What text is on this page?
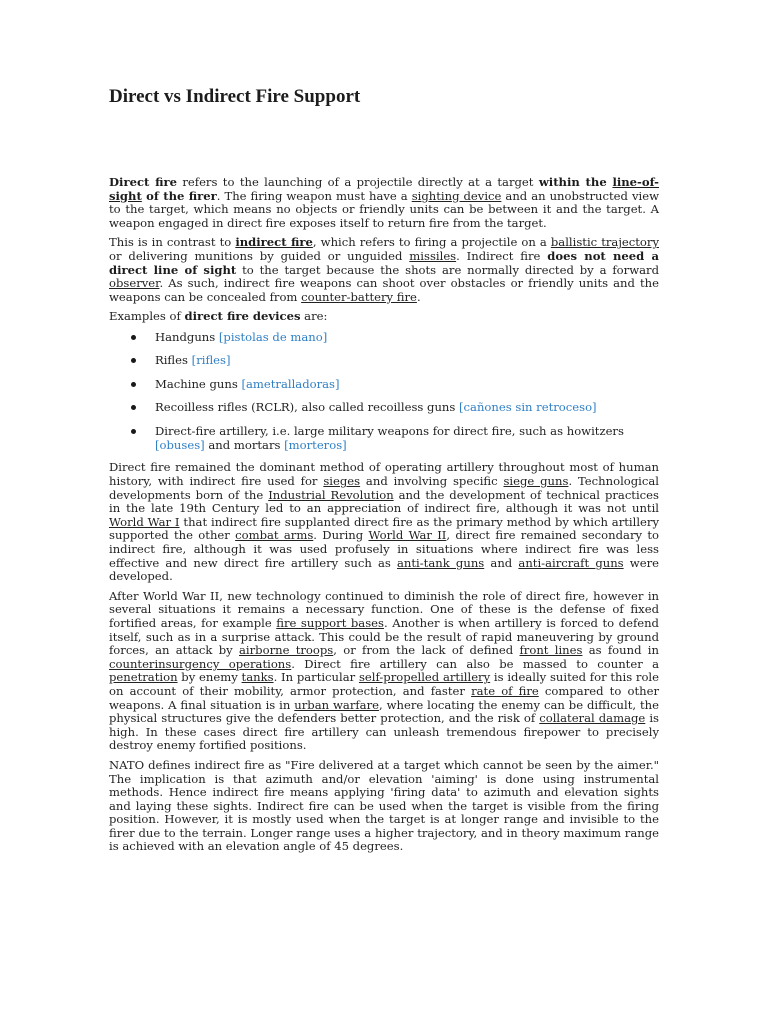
Direct vs Indirect Fire Support

Direct fire refers to the launching of a projectile directly at a target within the line-of-sight of the firer. The firing weapon must have a sighting device and an unobstructed view to the target, which means no objects or friendly units can be between it and the target. A weapon engaged in direct fire exposes itself to return fire from the target.

This is in contrast to indirect fire, which refers to firing a projectile on a ballistic trajectory or delivering munitions by guided or unguided missiles. Indirect fire does not need a direct line of sight to the target because the shots are normally directed by a forward observer. As such, indirect fire weapons can shoot over obstacles or friendly units and the weapons can be concealed from counter-battery fire.

Examples of direct fire devices are:

Handguns [pistolas de mano]
Rifles [rifles]
Machine guns [ametralladoras]
Recoilless rifles (RCLR), also called recoilless guns [cañones sin retroceso]
Direct-fire artillery, i.e. large military weapons for direct fire, such as howitzers [obuses] and mortars [morteros]

Direct fire remained the dominant method of operating artillery throughout most of human history, with indirect fire used for sieges and involving specific siege guns. Technological developments born of the Industrial Revolution and the development of technical practices in the late 19th Century led to an appreciation of indirect fire, although it was not until World War I that indirect fire supplanted direct fire as the primary method by which artillery supported the other combat arms. During World War II, direct fire remained secondary to indirect fire, although it was used profusely in situations where indirect fire was less effective and new direct fire artillery such as anti-tank guns and anti-aircraft guns were developed.

After World War II, new technology continued to diminish the role of direct fire, however in several situations it remains a necessary function. One of these is the defense of fixed fortified areas, for example fire support bases. Another is when artillery is forced to defend itself, such as in a surprise attack. This could be the result of rapid maneuvering by ground forces, an attack by airborne troops, or from the lack of defined front lines as found in counterinsurgency operations. Direct fire artillery can also be massed to counter a penetration by enemy tanks. In particular self-propelled artillery is ideally suited for this role on account of their mobility, armor protection, and faster rate of fire compared to other weapons. A final situation is in urban warfare, where locating the enemy can be difficult, the physical structures give the defenders better protection, and the risk of collateral damage is high. In these cases direct fire artillery can unleash tremendous firepower to precisely destroy enemy fortified positions.

NATO defines indirect fire as "Fire delivered at a target which cannot be seen by the aimer." The implication is that azimuth and/or elevation 'aiming' is done using instrumental methods. Hence indirect fire means applying 'firing data' to azimuth and elevation sights and laying these sights. Indirect fire can be used when the target is visible from the firing position. However, it is mostly used when the target is at longer range and invisible to the firer due to the terrain. Longer range uses a higher trajectory, and in theory maximum range is achieved with an elevation angle of 45 degrees.
